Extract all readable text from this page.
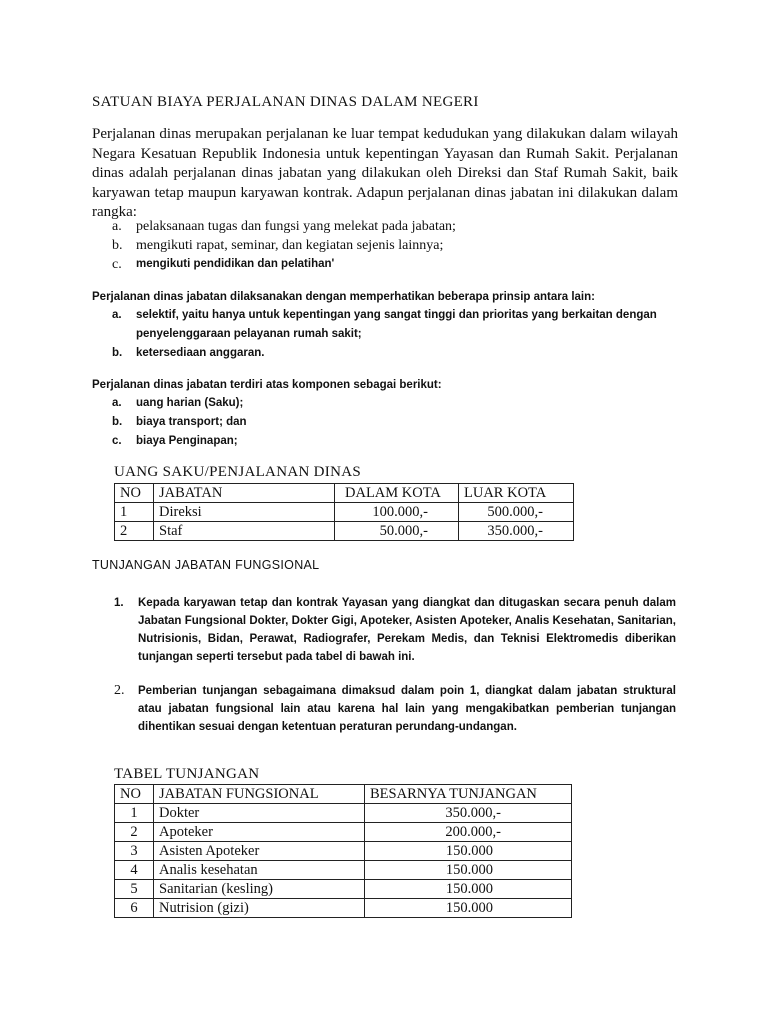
SATUAN BIAYA PERJALANAN DINAS DALAM NEGERI

Perjalanan dinas merupakan perjalanan ke luar tempat kedudukan yang dilakukan dalam wilayah Negara Kesatuan Republik Indonesia untuk kepentingan Yayasan dan Rumah Sakit. Perjalanan dinas adalah perjalanan dinas jabatan yang dilakukan oleh Direksi dan Staf Rumah Sakit, baik karyawan tetap maupun karyawan kontrak. Adapun perjalanan dinas jabatan ini dilakukan dalam rangka:

a. pelaksanaan tugas dan fungsi yang melekat pada jabatan;
b. mengikuti rapat, seminar, dan kegiatan sejenis lainnya;
c. mengikuti pendidikan dan pelatihan'

Perjalanan dinas jabatan dilaksanakan dengan memperhatikan beberapa prinsip antara lain:

a. selektif, yaitu hanya untuk kepentingan yang sangat tinggi dan prioritas yang berkaitan dengan penyelenggaraan pelayanan rumah sakit;
b. ketersediaan anggaran.

Perjalanan dinas jabatan terdiri atas komponen sebagai berikut:

a. uang harian (Saku);
b. biaya transport; dan
c. biaya Penginapan;
UANG SAKU/PENJALANAN DINAS
NO	JABATAN	DALAM KOTA	LUAR KOTA
1	Direksi	100.000,-	500.000,-
2	Staf	50.000,-	350.000,-
TUNJANGAN JABATAN FUNGSIONAL
1. Kepada karyawan tetap dan kontrak Yayasan yang diangkat dan ditugaskan secara penuh dalam Jabatan Fungsional Dokter, Dokter Gigi, Apoteker, Asisten Apoteker, Analis Kesehatan, Sanitarian, Nutrisionis, Bidan, Perawat, Radiografer, Perekam Medis, dan Teknisi Elektromedis diberikan tunjangan seperti tersebut pada tabel di bawah ini.

2. Pemberian tunjangan sebagaimana dimaksud dalam poin 1, diangkat dalam jabatan struktural atau jabatan fungsional lain atau karena hal lain yang mengakibatkan pemberian tunjangan dihentikan sesuai dengan ketentuan peraturan perundang-undangan.

TABEL TUNJANGAN
NO	JABATAN FUNGSIONAL	BESARNYA TUNJANGAN
1	Dokter	350.000,-
2	Apoteker	200.000,-
3	Asisten Apoteker	150.000
4	Analis kesehatan	150.000
5	Sanitarian (kesling)	150.000
6	Nutrision (gizi)	150.000
